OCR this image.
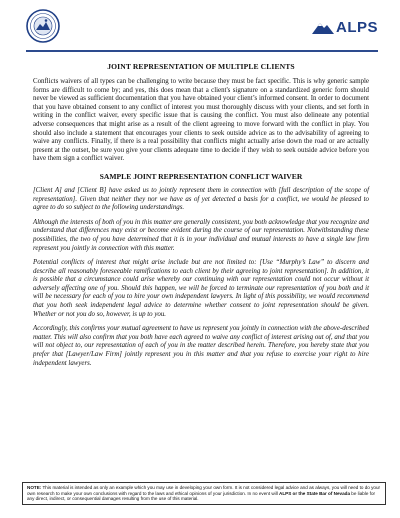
ALPS
JOINT REPRESENTATION OF MULTIPLE CLIENTS

Conflicts waivers of all types can be challenging to write because they must be fact specific. This is why generic sample forms are difficult to come by; and yes, this does mean that a client's signature on a standardized generic form should never be viewed as sufficient documentation that you have obtained your client’s informed consent. In order to document that you have obtained consent to any conflict of interest you must thoroughly discuss with your clients, and set forth in writing in the conflict waiver, every specific issue that is causing the conflict. You must also delineate any potential adverse consequences that might arise as a result of the client agreeing to move forward with the conflict in play. You should also include a statement that encourages your clients to seek outside advice as to the advisability of agreeing to waive any conflicts. Finally, if there is a real possibility that conflicts might actually arise down the road or are actually present at the outset, be sure you give your clients adequate time to decide if they wish to seek outside advice before you have them sign a conflict waiver.

SAMPLE JOINT REPRESENTATION CONFLICT WAIVER

[Client A] and [Client B] have asked us to jointly represent them in connection with [full description of the scope of representation]. Given that neither they nor we have as of yet detected a basis for a conflict, we would be pleased to agree to do so subject to the following understandings.

Although the interests of both of you in this matter are generally consistent, you both acknowledge that you recognize and understand that differences may exist or become evident during the course of our representation. Notwithstanding these possibilities, the two of you have determined that it is in your individual and mutual interests to have a single law firm represent you jointly in connection with this matter.

Potential conflicts of interest that might arise include but are not limited to: [Use “Murphy’s Law” to discern and describe all reasonably foreseeable ramifications to each client by their agreeing to joint representation]. In addition, it is possible that a circumstance could arise whereby our continuing with our representation could not occur without it adversely affecting one of you. Should this happen, we will be forced to terminate our representation of you both and it will be necessary for each of you to hire your own independent lawyers. In light of this possibility, we would recommend that you both seek independent legal advice to determine whether consent to joint representation should be given. Whether or not you do so, however, is up to you.

Accordingly, this confirms your mutual agreement to have us represent you jointly in connection with the above-described matter. This will also confirm that you both have each agreed to waive any conflict of interest arising out of, and that you will not object to, our representation of each of you in the matter described herein. Therefore, you hereby state that you prefer that [Lawyer/Law Firm] jointly represent you in this matter and that you refuse to exercise your right to hire independent lawyers.

NOTE: This material is intended as only an example which you may use in developing your own form. It is not considered legal advice and as always, you will need to do your own research to make your own conclusions with regard to the laws and ethical opinions of your jurisdiction. In no event will ALPS or the State Bar of Nevada be liable for any direct, indirect, or consequential damages resulting from the use of this material.
